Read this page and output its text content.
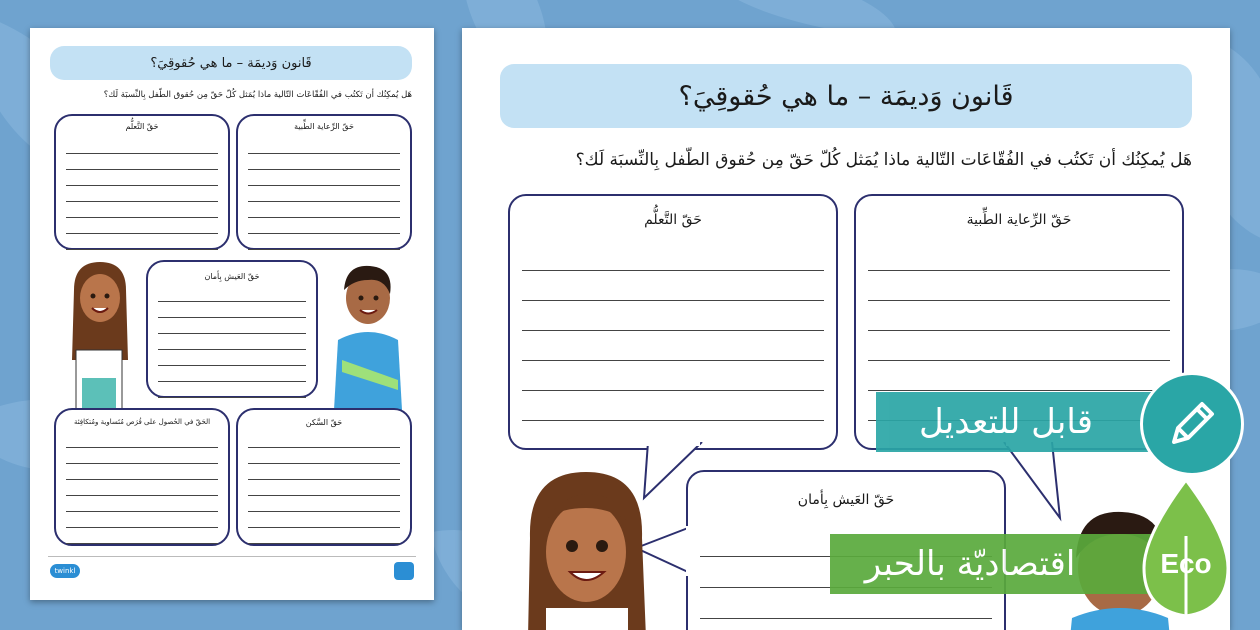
قَانون وَديمَة – ما هي حُقوقِيَ؟
هَل يُمكِنُك أن تَكتُب في الفُقّاعَات التّالية ماذا يُمَثل كُلّ حَقّ مِن حُقوق الطّفل بِالنِّسبَة لَك؟
حَقّ التَّعلُّم	حَقّ الرِّعاية الطِّبية
حَقّ العَيش بِأمان
الحَقّ في الحُصول على فُرَص مُتَساوية ومُتكافِئة	حَقّ السَّكن
twinkl
قَانون وَديمَة – ما هي حُقوقِيَ؟
هَل يُمكِنُك أن تَكتُب في الفُقّاعَات التّالية ماذا يُمَثل كُلّ حَقّ مِن حُقوق الطّفل بِالنِّسبَة لَك؟
حَقّ التَّعلُّم	حَقّ الرِّعاية الطِّبية
حَقّ العَيش بِأمان
قابل للتعديل
اقتصاديّة بالحبر	Eco
